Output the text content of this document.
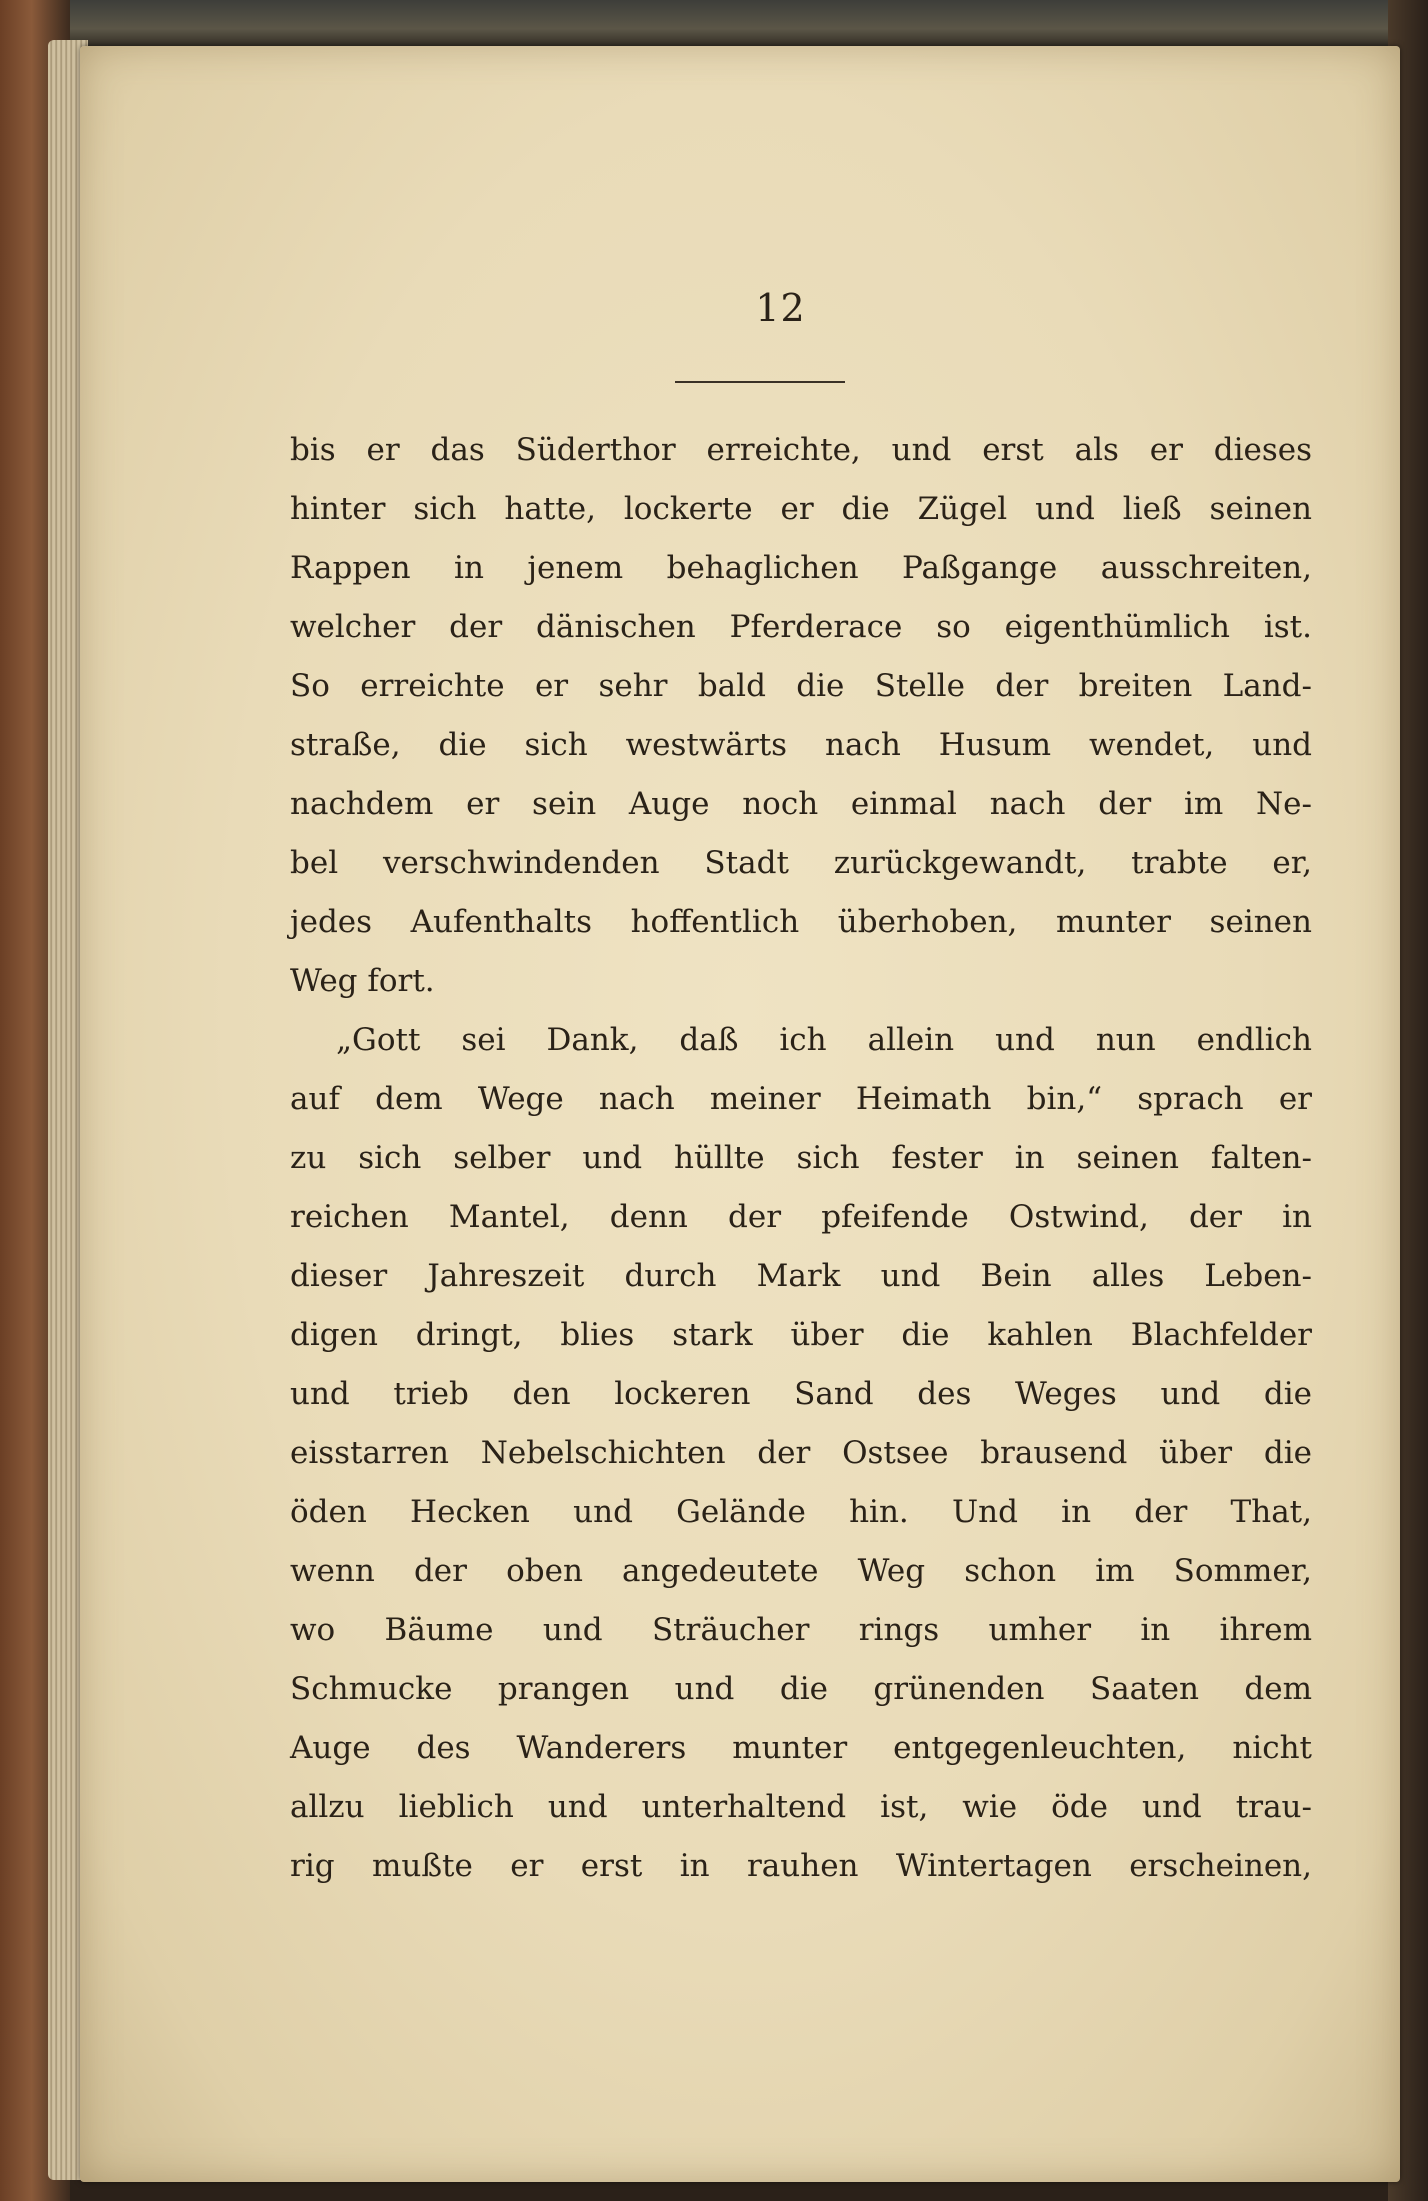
12
bis er das Süderthor erreichte, und erst als er dieses
hinter sich hatte, lockerte er die Zügel und ließ seinen
Rappen in jenem behaglichen Paßgange ausschreiten,
welcher der dänischen Pferderace so eigenthümlich ist.
So erreichte er sehr bald die Stelle der breiten Land-
straße, die sich westwärts nach Husum wendet, und
nachdem er sein Auge noch einmal nach der im Ne-
bel verschwindenden Stadt zurückgewandt, trabte er,
jedes Aufenthalts hoffentlich überhoben, munter seinen
Weg fort.
„Gott sei Dank, daß ich allein und nun endlich
auf dem Wege nach meiner Heimath bin,“ sprach er
zu sich selber und hüllte sich fester in seinen falten-
reichen Mantel, denn der pfeifende Ostwind, der in
dieser Jahreszeit durch Mark und Bein alles Leben-
digen dringt, blies stark über die kahlen Blachfelder
und trieb den lockeren Sand des Weges und die
eisstarren Nebelschichten der Ostsee brausend über die
öden Hecken und Gelände hin. Und in der That,
wenn der oben angedeutete Weg schon im Sommer,
wo Bäume und Sträucher rings umher in ihrem
Schmucke prangen und die grünenden Saaten dem
Auge des Wanderers munter entgegenleuchten, nicht
allzu lieblich und unterhaltend ist, wie öde und trau-
rig mußte er erst in rauhen Wintertagen erscheinen,
